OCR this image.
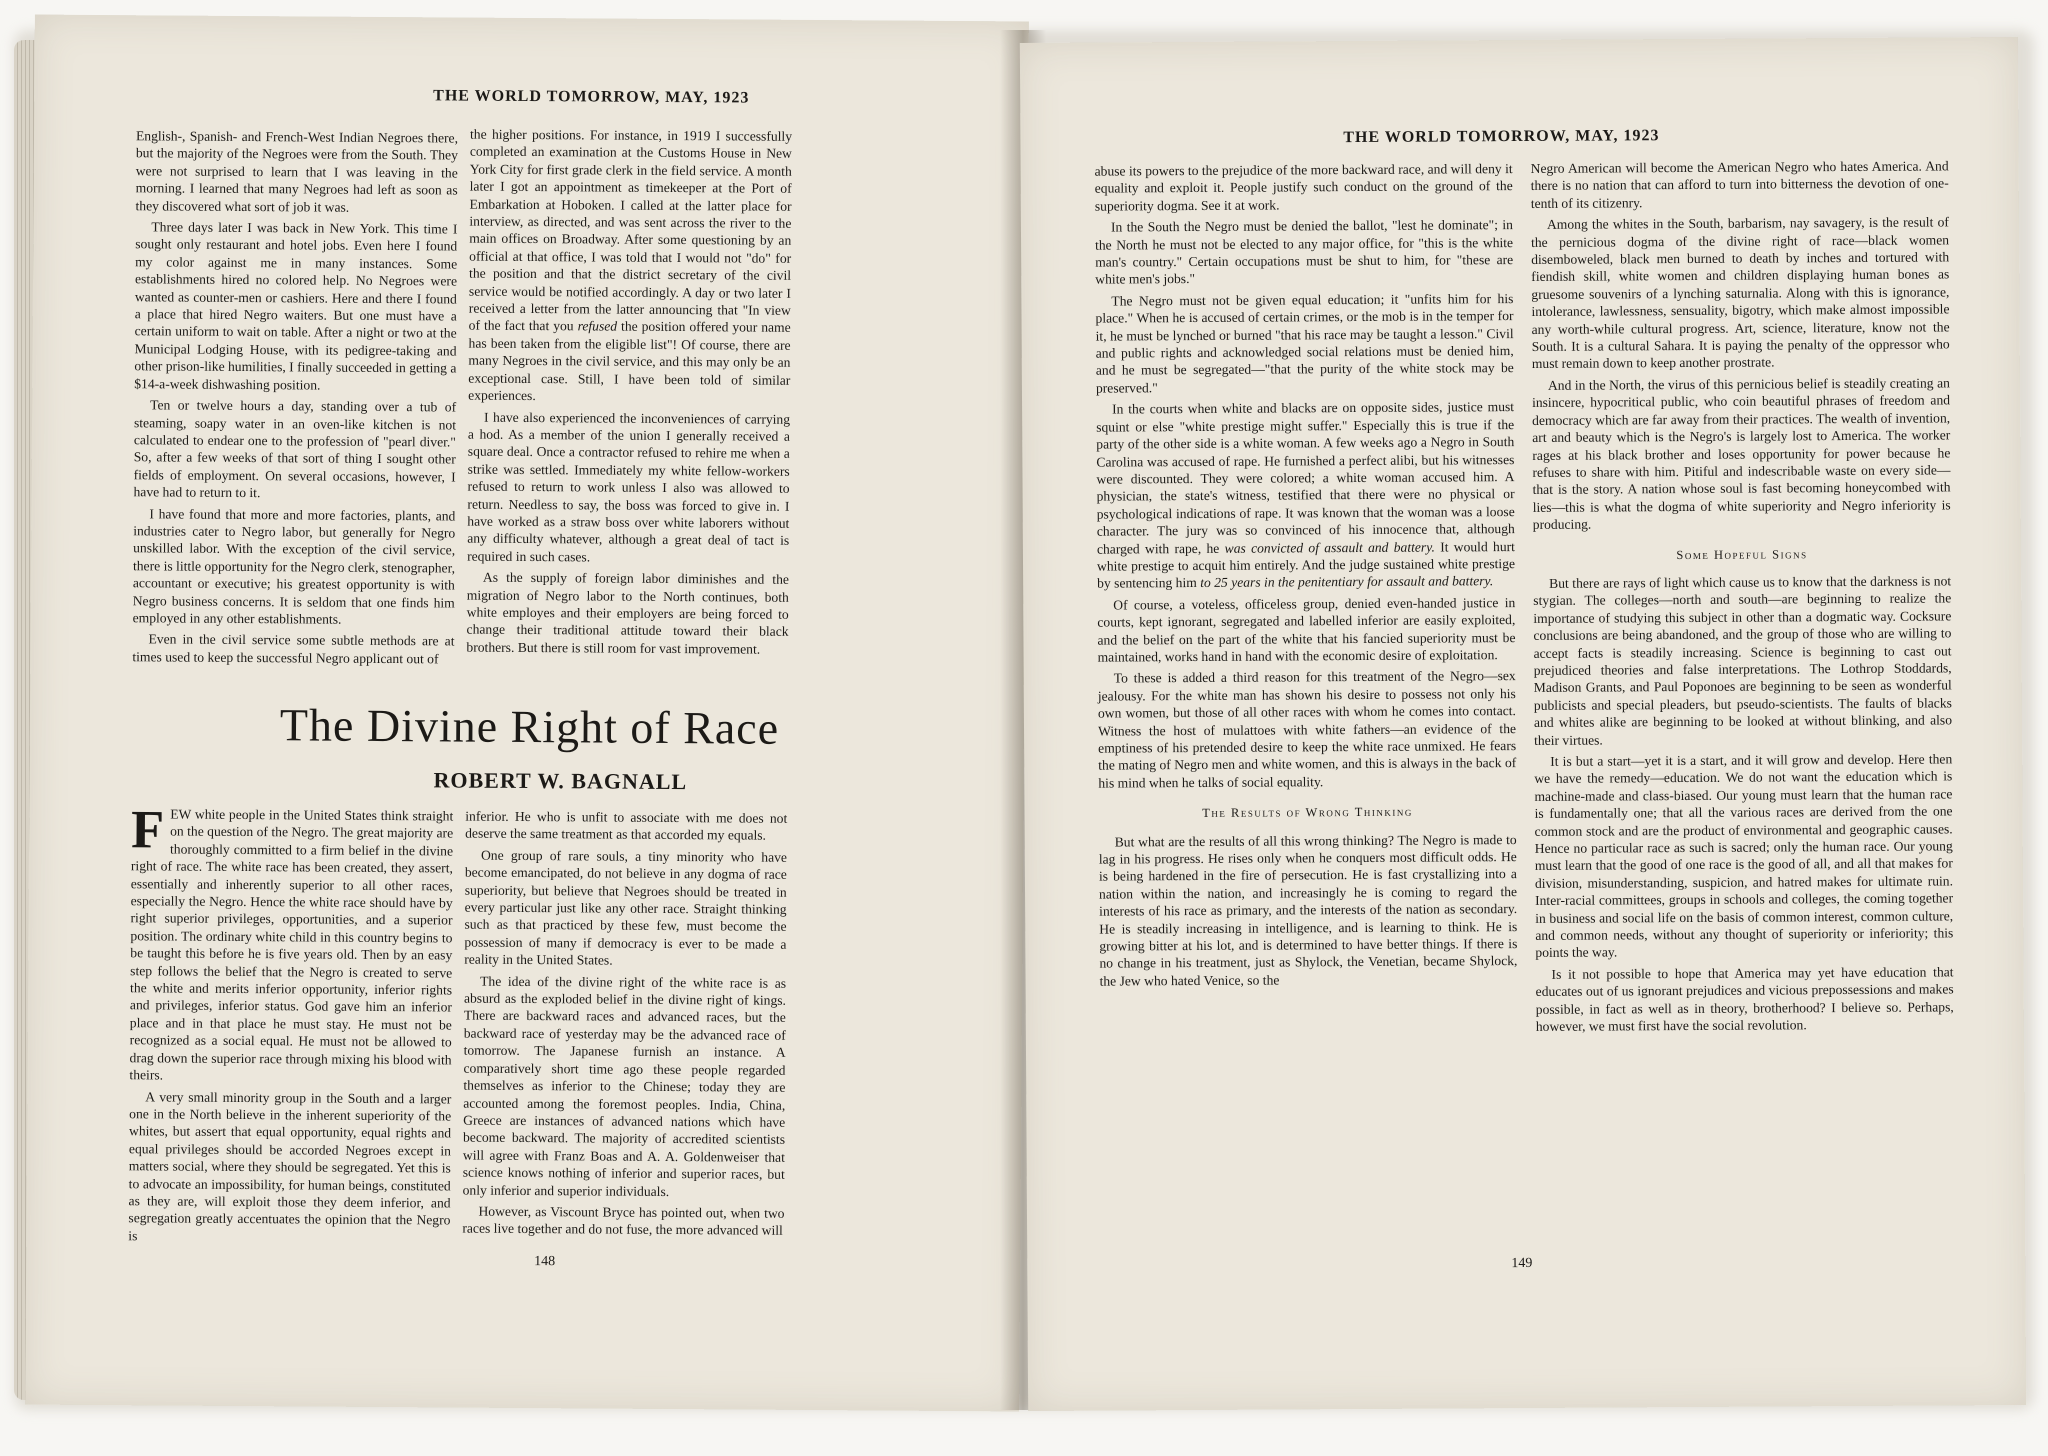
THE WORLD TOMORROW, MAY, 1923

English-, Spanish- and French-West Indian Negroes there, but the majority of the Negroes were from the South. They were not surprised to learn that I was leaving in the morning. I learned that many Negroes had left as soon as they discovered what sort of job it was.

Three days later I was back in New York. This time I sought only restaurant and hotel jobs. Even here I found my color against me in many instances. Some establishments hired no colored help. No Negroes were wanted as counter-men or cashiers. Here and there I found a place that hired Negro waiters. But one must have a certain uniform to wait on table. After a night or two at the Municipal Lodging House, with its pedigree-taking and other prison-like humilities, I finally succeeded in getting a $14-a-week dishwashing position.

Ten or twelve hours a day, standing over a tub of steaming, soapy water in an oven-like kitchen is not calculated to endear one to the profession of "pearl diver." So, after a few weeks of that sort of thing I sought other fields of employment. On several occasions, however, I have had to return to it.

I have found that more and more factories, plants, and industries cater to Negro labor, but generally for Negro unskilled labor. With the exception of the civil service, there is little opportunity for the Negro clerk, stenographer, accountant or executive; his greatest opportunity is with Negro business concerns. It is seldom that one finds him employed in any other establishments.

Even in the civil service some subtle methods are at times used to keep the successful Negro applicant out of

the higher positions. For instance, in 1919 I successfully completed an examination at the Customs House in New York City for first grade clerk in the field service. A month later I got an appointment as timekeeper at the Port of Embarkation at Hoboken. I called at the latter place for interview, as directed, and was sent across the river to the main offices on Broadway. After some questioning by an official at that office, I was told that I would not "do" for the position and that the district secretary of the civil service would be notified accordingly. A day or two later I received a letter from the latter announcing that "In view of the fact that you refused the position offered your name has been taken from the eligible list"! Of course, there are many Negroes in the civil service, and this may only be an exceptional case. Still, I have been told of similar experiences.

I have also experienced the inconveniences of carrying a hod. As a member of the union I generally received a square deal. Once a contractor refused to rehire me when a strike was settled. Immediately my white fellow-workers refused to return to work unless I also was allowed to return. Needless to say, the boss was forced to give in. I have worked as a straw boss over white laborers without any difficulty whatever, although a great deal of tact is required in such cases.

As the supply of foreign labor diminishes and the migration of Negro labor to the North continues, both white employes and their employers are being forced to change their traditional attitude toward their black brothers. But there is still room for vast improvement.

The Divine Right of Race
ROBERT W. BAGNALL

FEW white people in the United States think straight on the question of the Negro. The great majority are thoroughly committed to a firm belief in the divine right of race. The white race has been created, they assert, essentially and inherently superior to all other races, especially the Negro. Hence the white race should have by right superior privileges, opportunities, and a superior position. The ordinary white child in this country begins to be taught this before he is five years old. Then by an easy step follows the belief that the Negro is created to serve the white and merits inferior opportunity, inferior rights and privileges, inferior status. God gave him an inferior place and in that place he must stay. He must not be recognized as a social equal. He must not be allowed to drag down the superior race through mixing his blood with theirs.

A very small minority group in the South and a larger one in the North believe in the inherent superiority of the whites, but assert that equal opportunity, equal rights and equal privileges should be accorded Negroes except in matters social, where they should be segregated. Yet this is to advocate an impossibility, for human beings, constituted as they are, will exploit those they deem inferior, and segregation greatly accentuates the opinion that the Negro is

inferior. He who is unfit to associate with me does not deserve the same treatment as that accorded my equals.

One group of rare souls, a tiny minority who have become emancipated, do not believe in any dogma of race superiority, but believe that Negroes should be treated in every particular just like any other race. Straight thinking such as that practiced by these few, must become the possession of many if democracy is ever to be made a reality in the United States.

The idea of the divine right of the white race is as absurd as the exploded belief in the divine right of kings. There are backward races and advanced races, but the backward race of yesterday may be the advanced race of tomorrow. The Japanese furnish an instance. A comparatively short time ago these people regarded themselves as inferior to the Chinese; today they are accounted among the foremost peoples. India, China, Greece are instances of advanced nations which have become backward. The majority of accredited scientists will agree with Franz Boas and A. A. Goldenweiser that science knows nothing of inferior and superior races, but only inferior and superior individuals.

However, as Viscount Bryce has pointed out, when two races live together and do not fuse, the more advanced will

148
THE WORLD TOMORROW, MAY, 1923

abuse its powers to the prejudice of the more backward race, and will deny it equality and exploit it. People justify such conduct on the ground of the superiority dogma. See it at work.

In the South the Negro must be denied the ballot, "lest he dominate"; in the North he must not be elected to any major office, for "this is the white man's country." Certain occupations must be shut to him, for "these are white men's jobs."

The Negro must not be given equal education; it "unfits him for his place." When he is accused of certain crimes, or the mob is in the temper for it, he must be lynched or burned "that his race may be taught a lesson." Civil and public rights and acknowledged social relations must be denied him, and he must be segregated—"that the purity of the white stock may be preserved."

In the courts when white and blacks are on opposite sides, justice must squint or else "white prestige might suffer." Especially this is true if the party of the other side is a white woman. A few weeks ago a Negro in South Carolina was accused of rape. He furnished a perfect alibi, but his witnesses were discounted. They were colored; a white woman accused him. A physician, the state's witness, testified that there were no physical or psychological indications of rape. It was known that the woman was a loose character. The jury was so convinced of his innocence that, although charged with rape, he was convicted of assault and battery. It would hurt white prestige to acquit him entirely. And the judge sustained white prestige by sentencing him to 25 years in the penitentiary for assault and battery.

Of course, a voteless, officeless group, denied even-handed justice in courts, kept ignorant, segregated and labelled inferior are easily exploited, and the belief on the part of the white that his fancied superiority must be maintained, works hand in hand with the economic desire of exploitation.

To these is added a third reason for this treatment of the Negro—sex jealousy. For the white man has shown his desire to possess not only his own women, but those of all other races with whom he comes into contact. Witness the host of mulattoes with white fathers—an evidence of the emptiness of his pretended desire to keep the white race unmixed. He fears the mating of Negro men and white women, and this is always in the back of his mind when he talks of social equality.

The Results of Wrong Thinking

But what are the results of all this wrong thinking? The Negro is made to lag in his progress. He rises only when he conquers most difficult odds. He is being hardened in the fire of persecution. He is fast crystallizing into a nation within the nation, and increasingly he is coming to regard the interests of his race as primary, and the interests of the nation as secondary. He is steadily increasing in intelligence, and is learning to think. He is growing bitter at his lot, and is determined to have better things. If there is no change in his treatment, just as Shylock, the Venetian, became Shylock, the Jew who hated Venice, so the

Negro American will become the American Negro who hates America. And there is no nation that can afford to turn into bitterness the devotion of one-tenth of its citizenry.

Among the whites in the South, barbarism, nay savagery, is the result of the pernicious dogma of the divine right of race—black women disemboweled, black men burned to death by inches and tortured with fiendish skill, white women and children displaying human bones as gruesome souvenirs of a lynching saturnalia. Along with this is ignorance, intolerance, lawlessness, sensuality, bigotry, which make almost impossible any worth-while cultural progress. Art, science, literature, know not the South. It is a cultural Sahara. It is paying the penalty of the oppressor who must remain down to keep another prostrate.

And in the North, the virus of this pernicious belief is steadily creating an insincere, hypocritical public, who coin beautiful phrases of freedom and democracy which are far away from their practices. The wealth of invention, art and beauty which is the Negro's is largely lost to America. The worker rages at his black brother and loses opportunity for power because he refuses to share with him. Pitiful and indescribable waste on every side—that is the story. A nation whose soul is fast becoming honeycombed with lies—this is what the dogma of white superiority and Negro inferiority is producing.

Some Hopeful Signs

But there are rays of light which cause us to know that the darkness is not stygian. The colleges—north and south—are beginning to realize the importance of studying this subject in other than a dogmatic way. Cocksure conclusions are being abandoned, and the group of those who are willing to accept facts is steadily increasing. Science is beginning to cast out prejudiced theories and false interpretations. The Lothrop Stoddards, Madison Grants, and Paul Poponoes are beginning to be seen as wonderful publicists and special pleaders, but pseudo-scientists. The faults of blacks and whites alike are beginning to be looked at without blinking, and also their virtues.

It is but a start—yet it is a start, and it will grow and develop. Here then we have the remedy—education. We do not want the education which is machine-made and class-biased. Our young must learn that the human race is fundamentally one; that all the various races are derived from the one common stock and are the product of environmental and geographic causes. Hence no particular race as such is sacred; only the human race. Our young must learn that the good of one race is the good of all, and all that makes for division, misunderstanding, suspicion, and hatred makes for ultimate ruin. Inter-racial committees, groups in schools and colleges, the coming together in business and social life on the basis of common interest, common culture, and common needs, without any thought of superiority or inferiority; this points the way.

Is it not possible to hope that America may yet have education that educates out of us ignorant prejudices and vicious prepossessions and makes possible, in fact as well as in theory, brotherhood? I believe so. Perhaps, however, we must first have the social revolution.

149
